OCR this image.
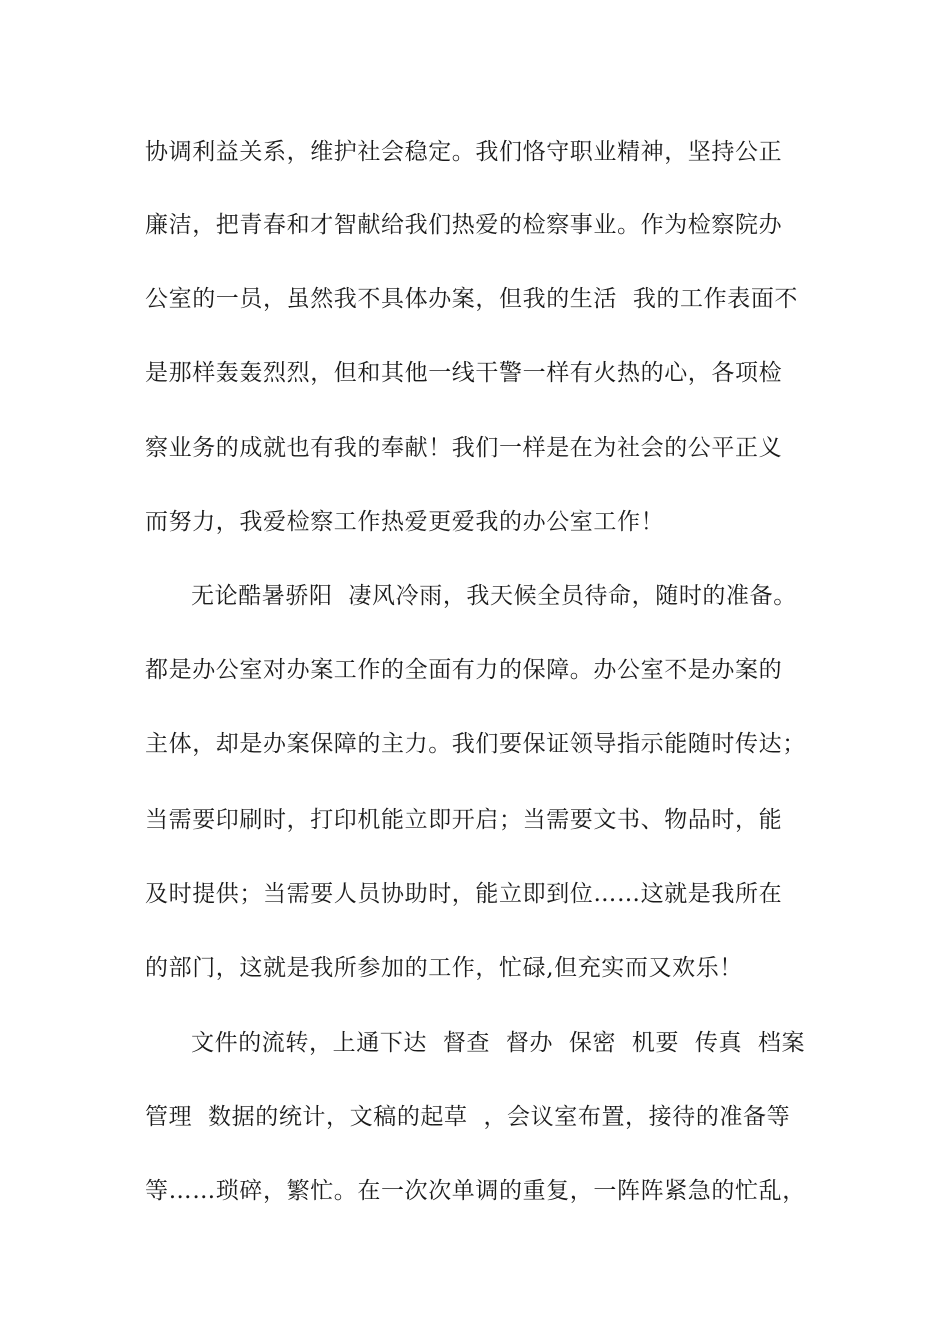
协调利益关系，维护社会稳定。我们恪守职业精神，坚持公正
廉洁，把青春和才智献给我们热爱的检察事业。作为检察院办
公室的一员，虽然我不具体办案，但我的生活  我的工作表面不
是那样轰轰烈烈，但和其他一线干警一样有火热的心，各项检
察业务的成就也有我的奉献！我们一样是在为社会的公平正义
而努力，我爱检察工作热爱更爱我的办公室工作！
无论酷暑骄阳  凄风冷雨，我天候全员待命，随时的准备。
都是办公室对办案工作的全面有力的保障。办公室不是办案的
主体，却是办案保障的主力。我们要保证领导指示能随时传达；
当需要印刷时，打印机能立即开启；当需要文书、物品时，能
及时提供；当需要人员协助时，能立即到位……这就是我所在
的部门，这就是我所参加的工作，忙碌,但充实而又欢乐！
文件的流转，上通下达  督查  督办  保密  机要  传真  档案
管理  数据的统计，文稿的起草  ，会议室布置，接待的准备等
等……琐碎，繁忙。在一次次单调的重复，一阵阵紧急的忙乱，
